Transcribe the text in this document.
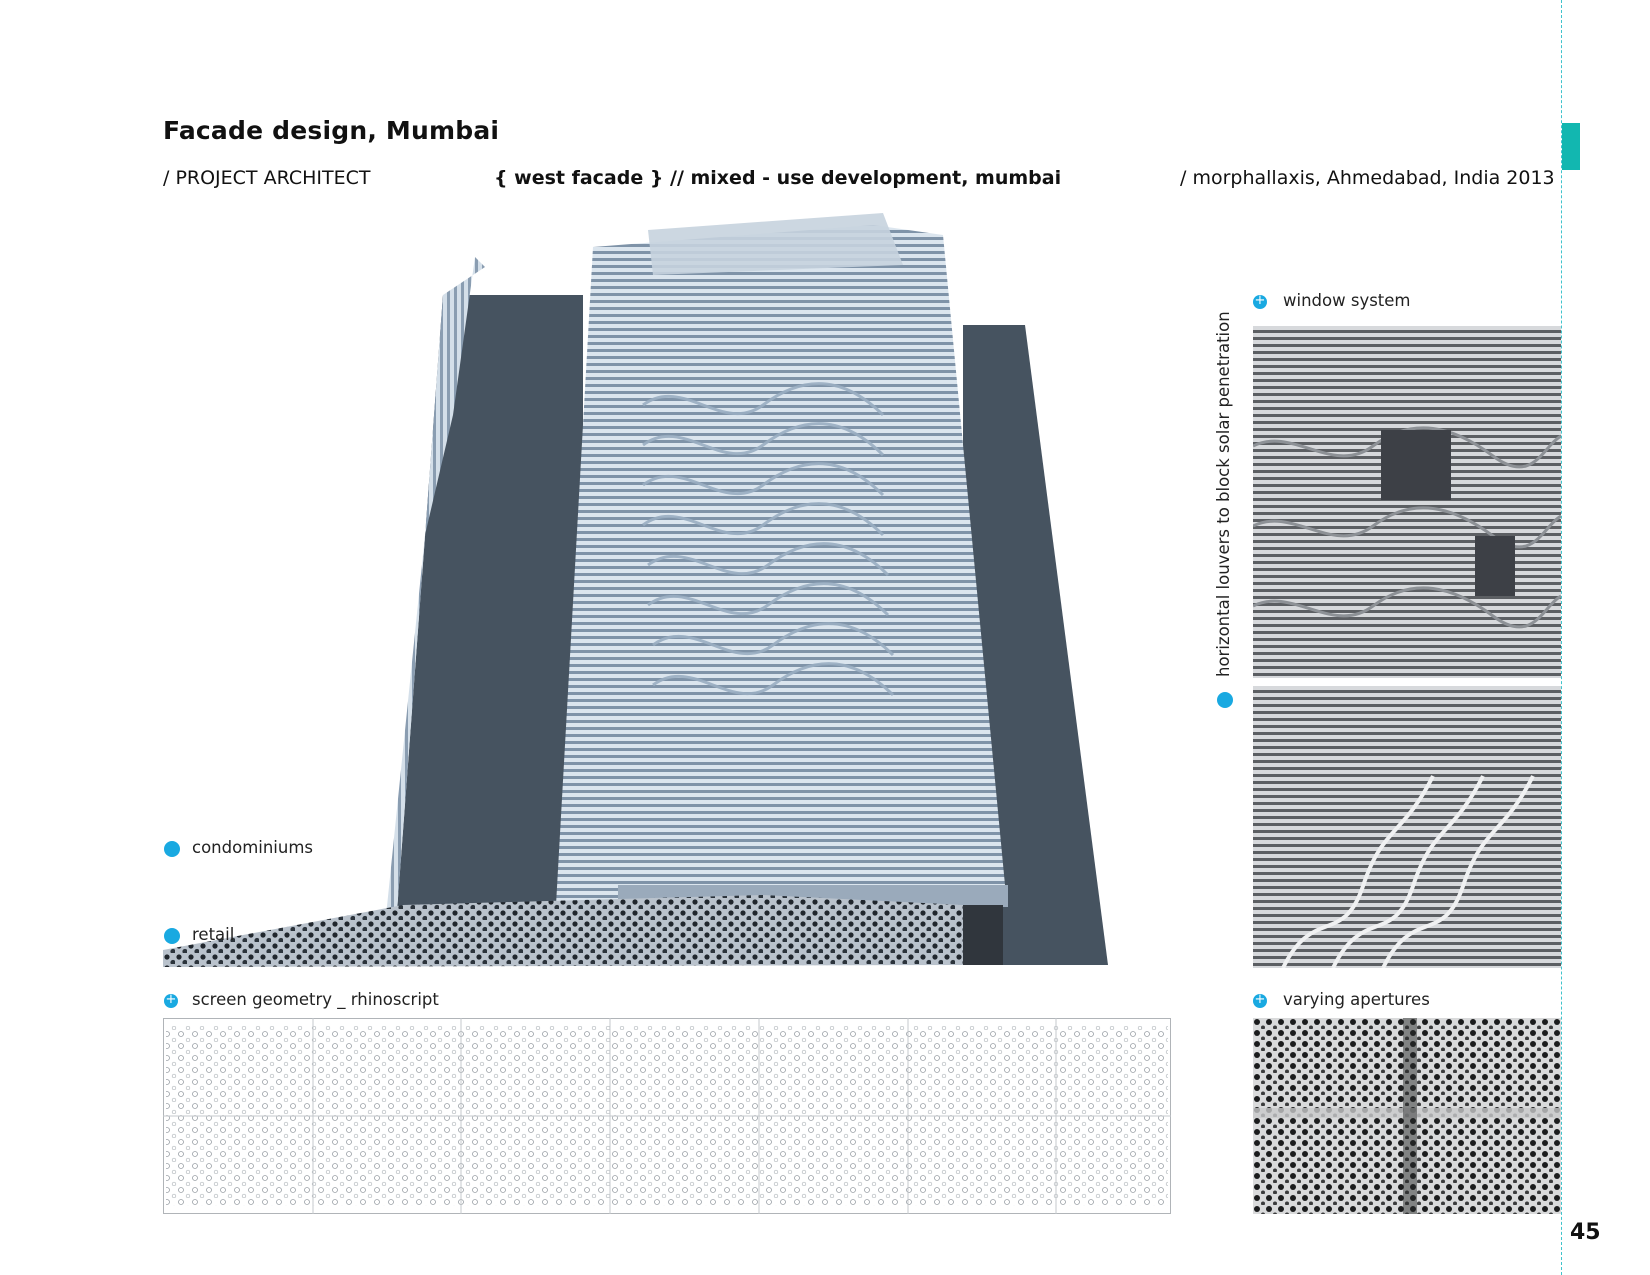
Facade design, Mumbai
/ PROJECT ARCHITECT	{ west facade } // mixed - use development, mumbai	/ morphallaxis, Ahmedabad, India 2013
condominiums
retail
+
screen geometry _ rhinoscript
+
window system
horizontal louvers to block solar penetration
+
varying apertures
45
